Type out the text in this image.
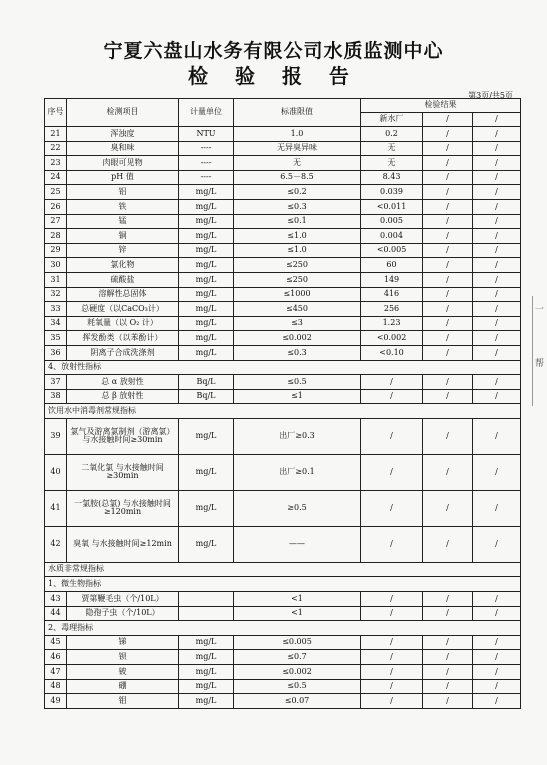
宁夏六盘山水务有限公司水质监测中心
检 验 报 告
第3页/共5页
序号	检测项目	计量单位	标准限值	检验结果		
				新水厂	/	/
21	浑浊度	NTU	1.0	0.2	/	/
22	臭和味	----	无异臭异味	无	/	/
23	肉眼可见物	----	无	无	/	/
24	pH 值	----	6.5－8.5	8.43	/	/
25	铝	mg/L	≤0.2	0.039	/	/
26	铁	mg/L	≤0.3	<0.011	/	/
27	锰	mg/L	≤0.1	0.005	/	/
28	铜	mg/L	≤1.0	0.004	/	/
29	锌	mg/L	≤1.0	<0.005	/	/
30	氯化物	mg/L	≤250	60	/	/
31	硫酸盐	mg/L	≤250	149	/	/
32	溶解性总固体	mg/L	≤1000	416	/	/
33	总硬度（以CaCO₃计）	mg/L	≤450	256	/	/
34	耗氧量（以 O₂ 计）	mg/L	≤3	1.23	/	/
35	挥发酚类（以苯酚计）	mg/L	≤0.002	<0.002	/	/
36	阴离子合成洗涤剂	mg/L	≤0.3	<0.10	/	/
4、放射性指标						
37	总 α 放射性	Bq/L	≤0.5	/	/	/
38	总 β 放射性	Bq/L	≤1	/	/	/
饮用水中消毒剂常规指标						
39	氯气及游离氯制剂（游离氯）与水接触时间≥30min	mg/L	出厂≥0.3	/	/	/
40	二氧化氯 与水接触时间≥30min	mg/L	出厂≥0.1	/	/	/
41	一氯胺(总氯) 与水接触时间≥120min	mg/L	≥0.5	/	/	/
42	臭氧 与水接触时间≥12min	mg/L	——	/	/	/
水质非常规指标						
1、微生物指标						
43	贾第鞭毛虫（个/10L）		<1	/	/	/
44	隐孢子虫（个/10L）		<1	/	/	/
2、毒理指标						
45	锑	mg/L	≤0.005	/	/	/
46	钡	mg/L	≤0.7	/	/	/
47	铍	mg/L	≤0.002	/	/	/
48	硼	mg/L	≤0.5	/	/	/
49	钼	mg/L	≤0.07	/	/	/
一
帮
